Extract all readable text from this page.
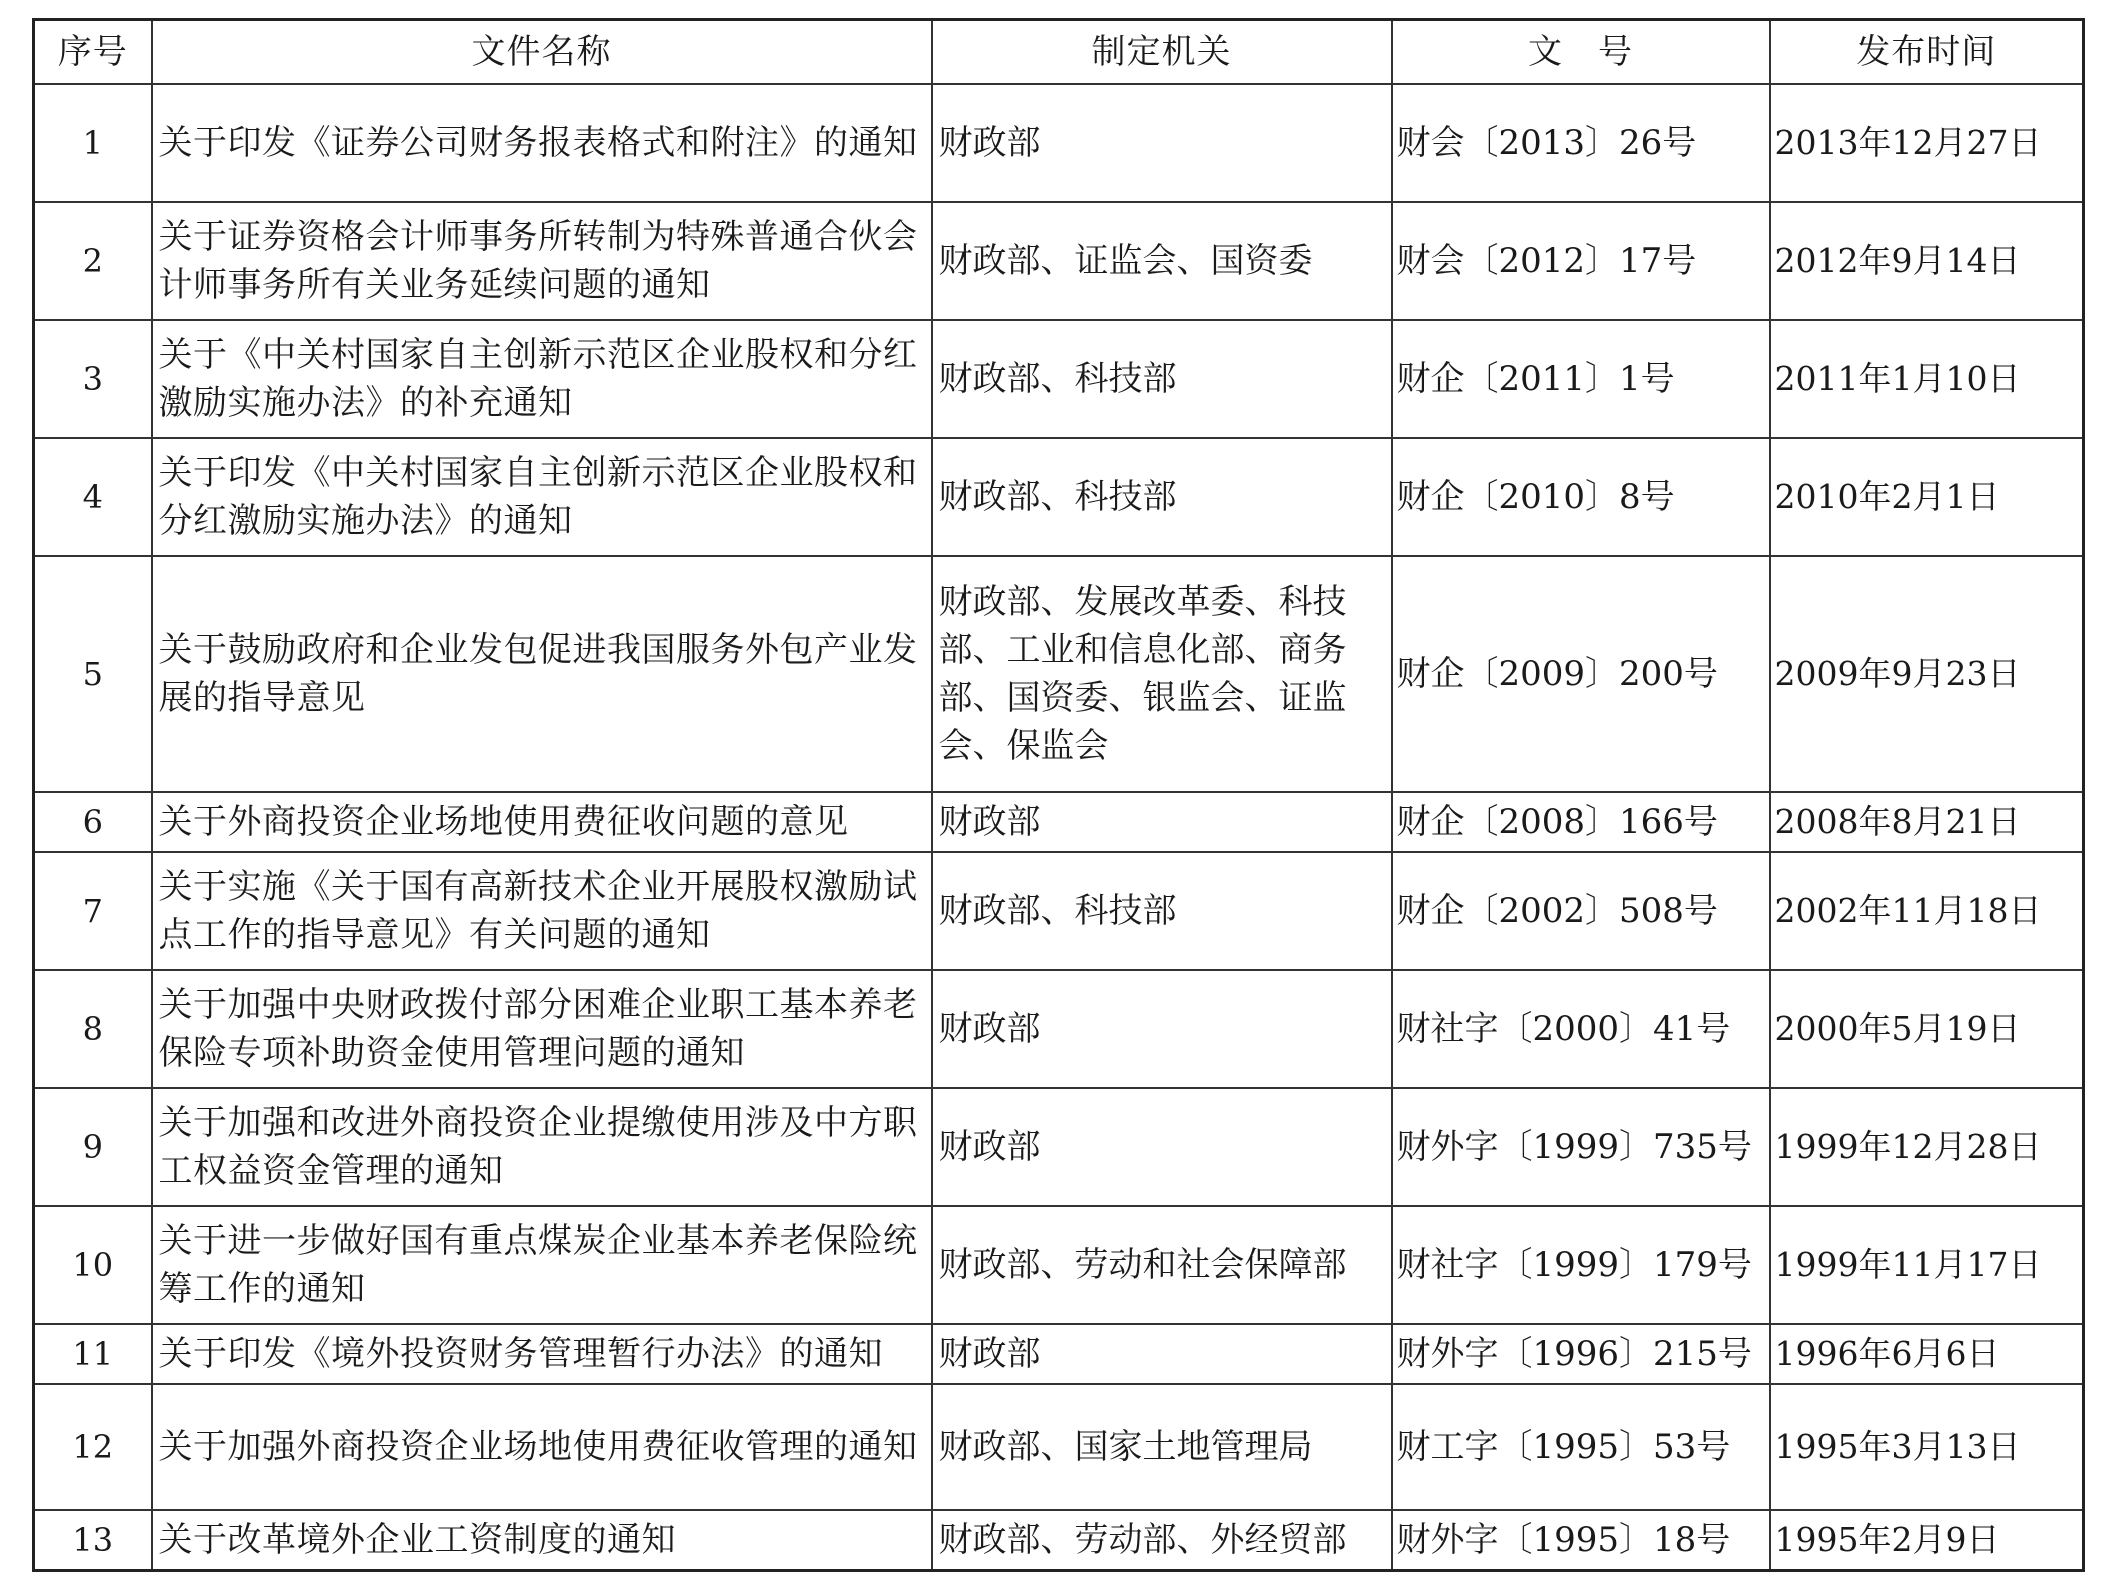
序号	文件名称	制定机关	文　号	发布时间
1	关于印发《证券公司财务报表格式和附注》的通知	财政部	财会〔2013〕26号	2013年12月27日
2	关于证券资格会计师事务所转制为特殊普通合伙会计师事务所有关业务延续问题的通知	财政部、证监会、国资委	财会〔2012〕17号	2012年9月14日
3	关于《中关村国家自主创新示范区企业股权和分红激励实施办法》的补充通知	财政部、科技部	财企〔2011〕1号	2011年1月10日
4	关于印发《中关村国家自主创新示范区企业股权和分红激励实施办法》的通知	财政部、科技部	财企〔2010〕8号	2010年2月1日
5	关于鼓励政府和企业发包促进我国服务外包产业发展的指导意见	财政部、发展改革委、科技部、工业和信息化部、商务部、国资委、银监会、证监会、保监会	财企〔2009〕200号	2009年9月23日
6	关于外商投资企业场地使用费征收问题的意见	财政部	财企〔2008〕166号	2008年8月21日
7	关于实施《关于国有高新技术企业开展股权激励试点工作的指导意见》有关问题的通知	财政部、科技部	财企〔2002〕508号	2002年11月18日
8	关于加强中央财政拨付部分困难企业职工基本养老保险专项补助资金使用管理问题的通知	财政部	财社字〔2000〕41号	2000年5月19日
9	关于加强和改进外商投资企业提缴使用涉及中方职工权益资金管理的通知	财政部	财外字〔1999〕735号	1999年12月28日
10	关于进一步做好国有重点煤炭企业基本养老保险统筹工作的通知	财政部、劳动和社会保障部	财社字〔1999〕179号	1999年11月17日
11	关于印发《境外投资财务管理暂行办法》的通知	财政部	财外字〔1996〕215号	1996年6月6日
12	关于加强外商投资企业场地使用费征收管理的通知	财政部、国家土地管理局	财工字〔1995〕53号	1995年3月13日
13	关于改革境外企业工资制度的通知	财政部、劳动部、外经贸部	财外字〔1995〕18号	1995年2月9日
